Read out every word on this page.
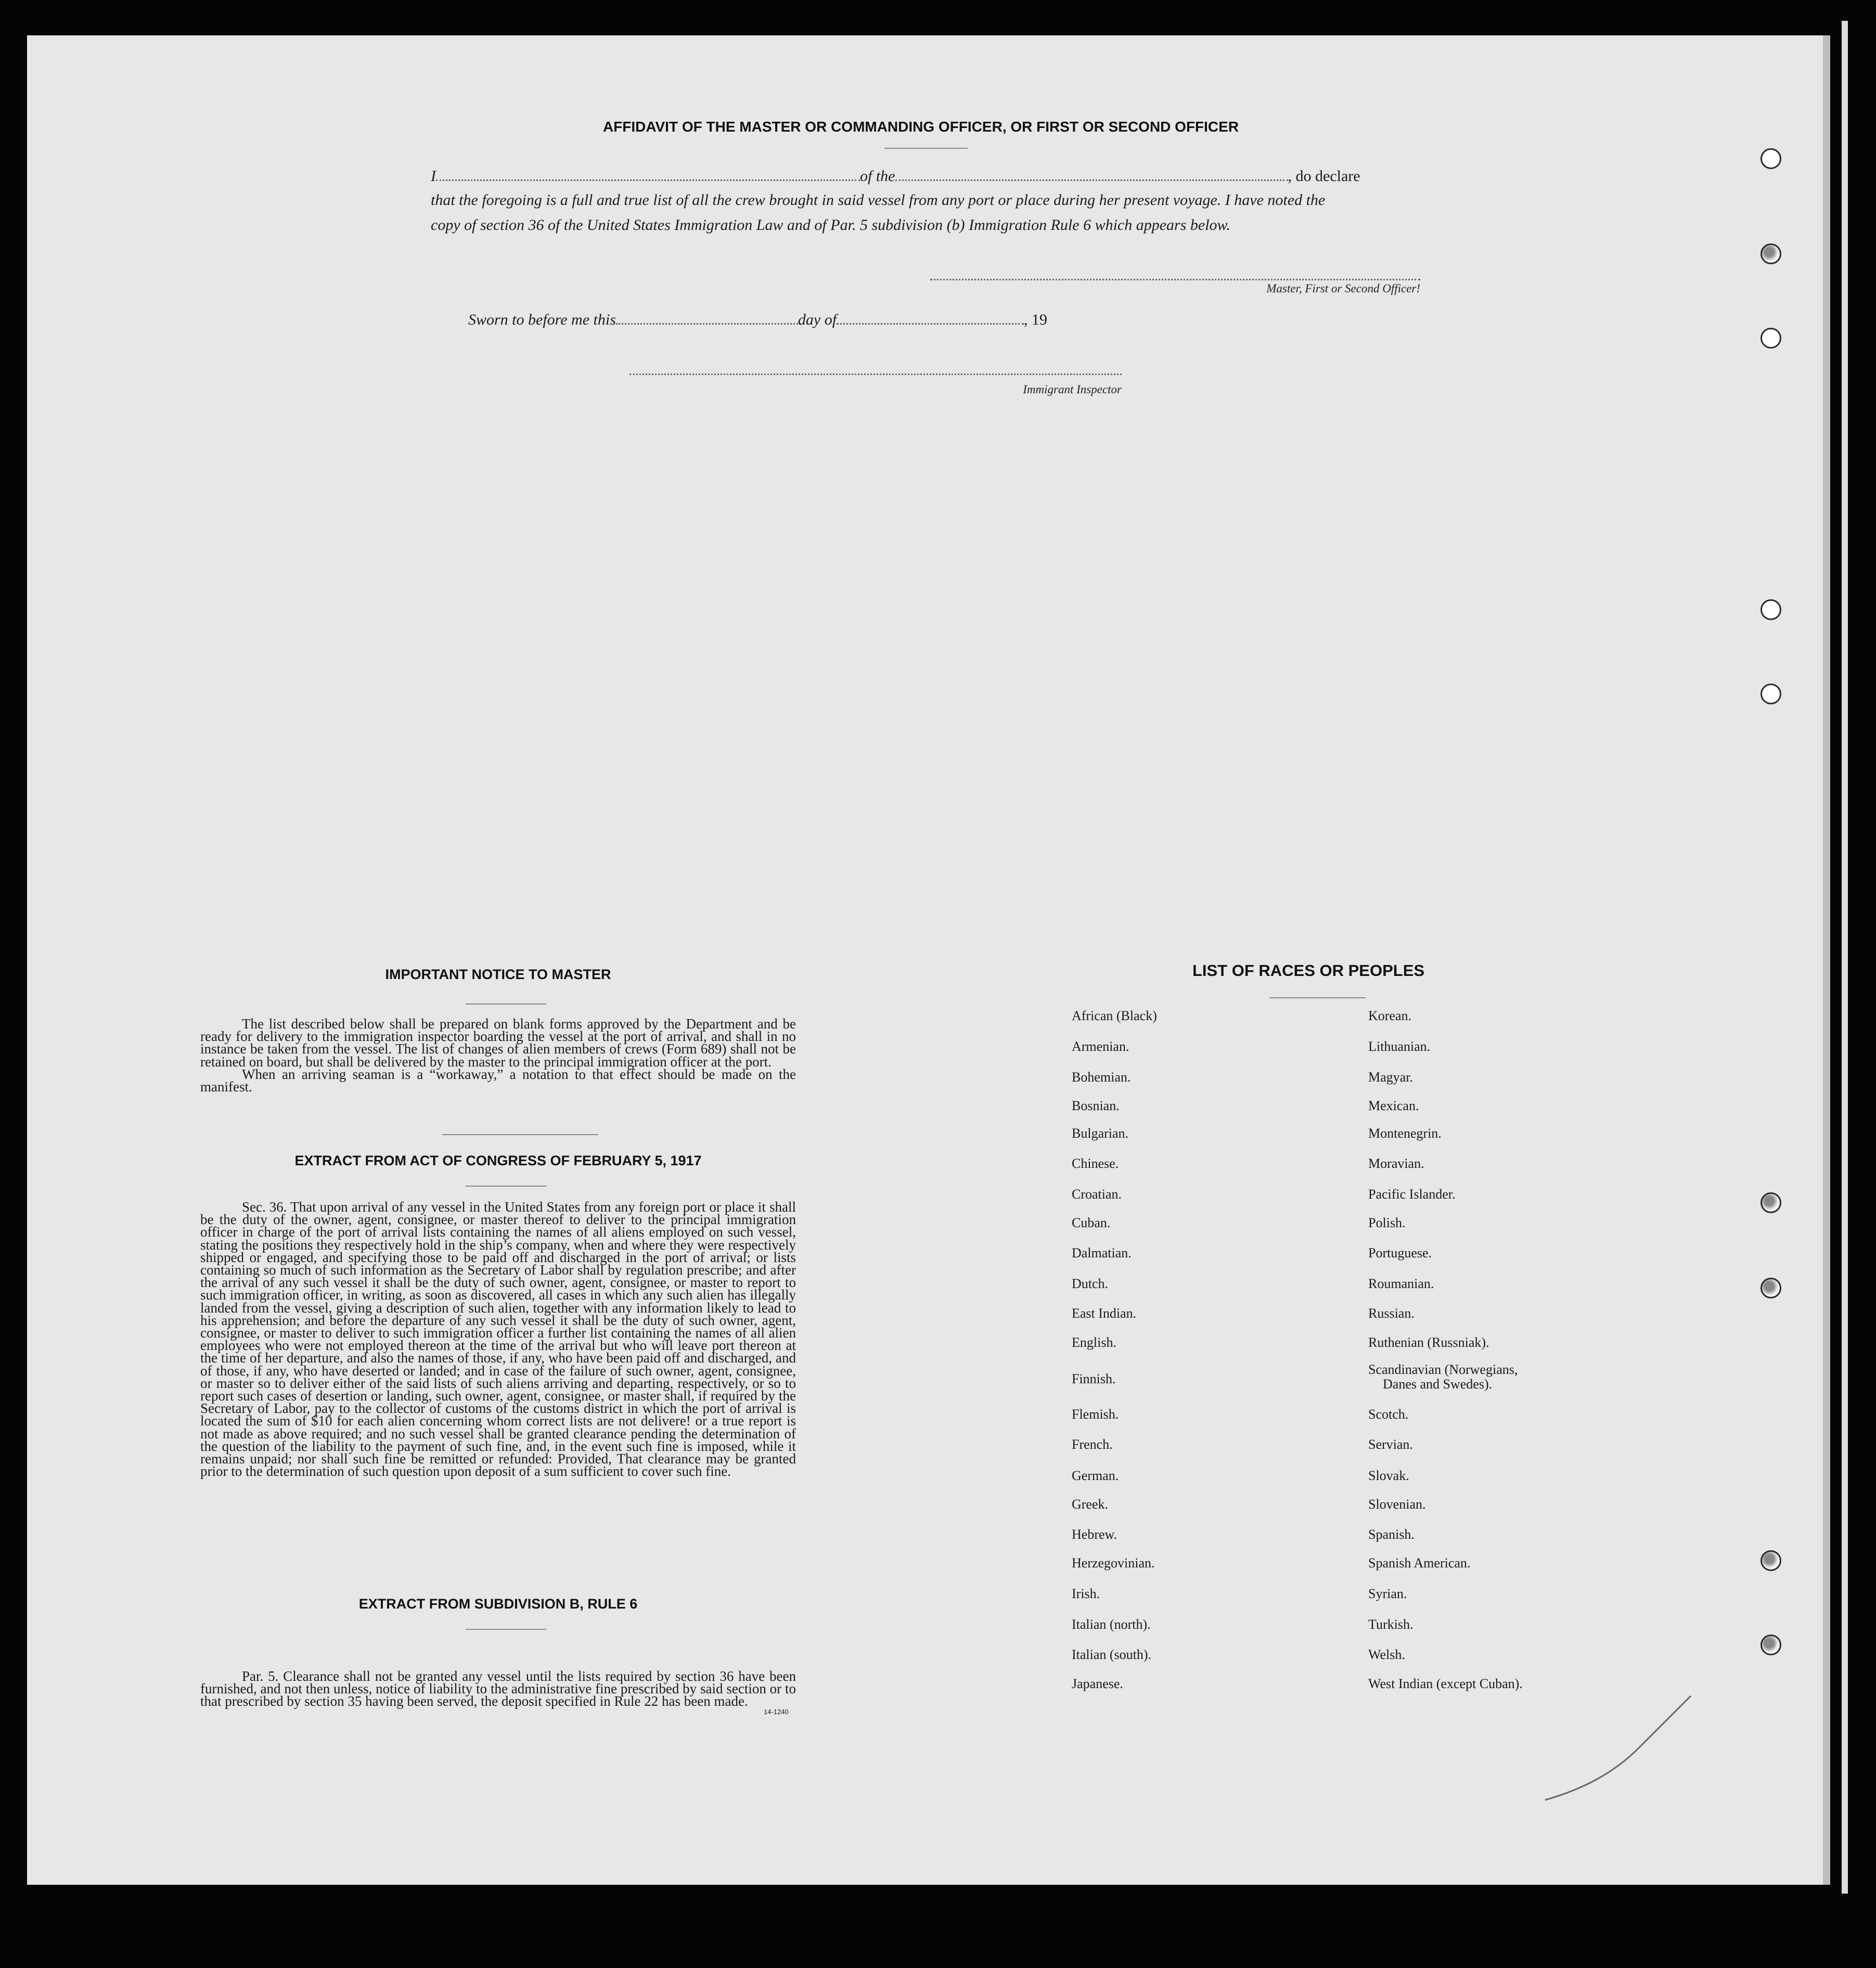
AFFIDAVIT OF THE MASTER OR COMMANDING OFFICER, OR FIRST OR SECOND OFFICER
I	of the	, do declare
that the foregoing is a full and true list of all the crew brought in said vessel from any port or place during her present voyage. I have noted the
copy of section 36 of the United States Immigration Law and of Par. 5 subdivision (b) Immigration Rule 6 which appears below.
Master, First or Second Officer!
Sworn to before me this	day of	, 19
Immigrant Inspector
IMPORTANT NOTICE TO MASTER

The list described below shall be prepared on blank forms approved by the Department and be ready for delivery to the immigration inspector boarding the vessel at the port of arrival, and shall in no instance be taken from the vessel. The list of changes of alien members of crews (Form 689) shall not be retained on board, but shall be delivered by the master to the principal immigration officer at the port.

When an arriving seaman is a “workaway,” a notation to that effect should be made on the manifest.

EXTRACT FROM ACT OF CONGRESS OF FEBRUARY 5, 1917

Sec. 36. That upon arrival of any vessel in the United States from any foreign port or place it shall be the duty of the owner, agent, consignee, or master thereof to deliver to the principal immigration officer in charge of the port of arrival lists containing the names of all aliens employed on such vessel, stating the positions they respectively hold in the ship’s company, when and where they were respectively shipped or engaged, and specifying those to be paid off and discharged in the port of arrival; or lists containing so much of such information as the Secretary of Labor shall by regulation prescribe; and after the arrival of any such vessel it shall be the duty of such owner, agent, consignee, or master to report to such immigration officer, in writing, as soon as discovered, all cases in which any such alien has illegally landed from the vessel, giving a description of such alien, together with any information likely to lead to his apprehension; and before the departure of any such vessel it shall be the duty of such owner, agent, consignee, or master to deliver to such immigration officer a further list containing the names of all alien employees who were not employed thereon at the time of the arrival but who will leave port thereon at the time of her departure, and also the names of those, if any, who have been paid off and discharged, and of those, if any, who have deserted or landed; and in case of the failure of such owner, agent, consignee, or master so to deliver either of the said lists of such aliens arriving and departing, respectively, or so to report such cases of desertion or landing, such owner, agent, consignee, or master shall, if required by the Secretary of Labor, pay to the collector of customs of the customs district in which the port of arrival is located the sum of $10 for each alien concerning whom correct lists are not delivere! or a true report is not made as above required; and no such vessel shall be granted clearance pending the determination of the question of the liability to the payment of such fine, and, in the event such fine is imposed, while it remains unpaid; nor shall such fine be remitted or refunded: Provided, That clearance may be granted prior to the determination of such question upon deposit of a sum sufficient to cover such fine.

EXTRACT FROM SUBDIVISION B, RULE 6

Par. 5. Clearance shall not be granted any vessel until the lists required by section 36 have been furnished, and not then unless, notice of liability to the administrative fine prescribed by said section or to that prescribed by section 35 having been served, the deposit specified in Rule 22 has been made.

14-1240
LIST OF RACES OR PEOPLES
African (Black)
Armenian.
Bohemian.
Bosnian.
Bulgarian.
Chinese.
Croatian.
Cuban.
Dalmatian.
Dutch.
East Indian.
English.
Finnish.
Flemish.
French.
German.
Greek.
Hebrew.
Herzegovinian.
Irish.
Italian (north).
Italian (south).
Japanese.
Korean.
Lithuanian.
Magyar.
Mexican.
Montenegrin.
Moravian.
Pacific Islander.
Polish.
Portuguese.
Roumanian.
Russian.
Ruthenian (Russniak).
Scandinavian (Norwegians,
Danes and Swedes).
Scotch.
Servian.
Slovak.
Slovenian.
Spanish.
Spanish American.
Syrian.
Turkish.
Welsh.
West Indian (except Cuban).
